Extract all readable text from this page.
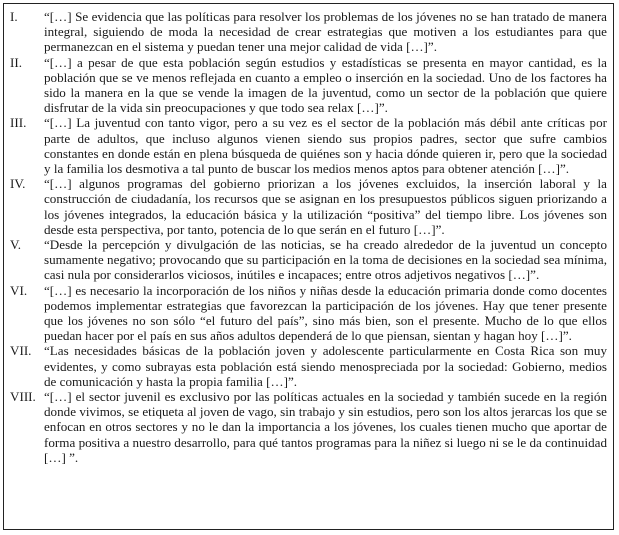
I.	“[…] Se evidencia que las políticas para resolver los problemas de los jóvenes no se han tratado de manera integral, siguiendo de moda la necesidad de crear estrategias que motiven a los estudiantes para que permanezcan en el sistema y puedan tener una mejor calidad de vida […]”.
II.	“[…] a pesar de que esta población según estudios y estadísticas se presenta en mayor cantidad, es la población que se ve menos reflejada en cuanto a empleo o inserción en la sociedad. Uno de los factores ha sido la manera en la que se vende la imagen de la juventud, como un sector de la población que quiere disfrutar de la vida sin preocupaciones y que todo sea relax […]”.
III.	“[…] La juventud con tanto vigor, pero a su vez es el sector de la población más débil ante críticas por parte de adultos, que incluso algunos vienen siendo sus propios padres, sector que sufre cambios constantes en donde están en plena búsqueda de quiénes son y hacia dónde quieren ir, pero que la sociedad y la familia los desmotiva a tal punto de buscar los medios menos aptos para obtener atención […]”.
IV.	“[…] algunos programas del gobierno priorizan a los jóvenes excluidos, la inserción laboral y la construcción de ciudadanía, los recursos que se asignan en los presupuestos públicos siguen priorizando a los jóvenes integrados, la educación básica y la utilización “positiva” del tiempo libre. Los jóvenes son desde esta perspectiva, por tanto, potencia de lo que serán en el futuro […]”.
V.	“Desde la percepción y divulgación de las noticias, se ha creado alrededor de la juventud un concepto sumamente negativo; provocando que su participación en la toma de decisiones en la sociedad sea mínima, casi nula por considerarlos viciosos, inútiles e incapaces; entre otros adjetivos negativos […]”.
VI.	“[…] es necesario la incorporación de los niños y niñas desde la educación primaria donde como docentes podemos implementar estrategias que favorezcan la participación de los jóvenes. Hay que tener presente que los jóvenes no son sólo “el futuro del país”, sino más bien, son el presente. Mucho de lo que ellos puedan hacer por el país en sus años adultos dependerá de lo que piensan, sientan y hagan hoy […]”.
VII. “Las necesidades básicas de la población joven y adolescente particularmente en Costa Rica son muy evidentes, y como subrayas esta población está siendo menospreciada por la sociedad: Gobierno, medios de comunicación y hasta la propia familia […]”.
VIII. “[…] el sector juvenil es exclusivo por las políticas actuales en la sociedad y también sucede en la región donde vivimos, se etiqueta al joven de vago, sin trabajo y sin estudios, pero son los altos jerarcas los que se enfocan en otros sectores y no le dan la importancia a los jóvenes, los cuales tienen mucho que aportar de forma positiva a nuestro desarrollo, para qué tantos programas para la niñez si luego ni se le da continuidad […] ”.
